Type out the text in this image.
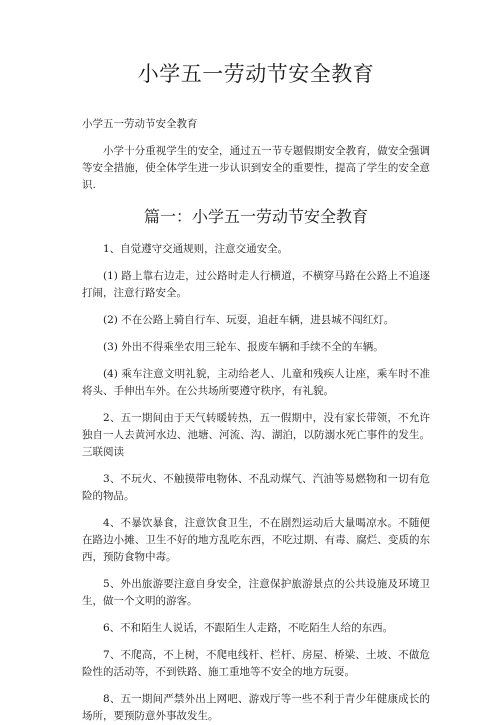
小学五一劳动节安全教育
小学五一劳动节安全教育

小学十分重视学生的安全，通过五一节专题假期安全教育，做安全强调等安全措施，使全体学生进一步认识到安全的重要性，提高了学生的安全意识.

篇一：小学五一劳动节安全教育

1、自觉遵守交通规则，注意交通安全。

(1) 路上靠右边走，过公路时走人行横道，不横穿马路在公路上不追逐打闹，注意行路安全。

(2) 不在公路上骑自行车、玩耍，追赶车辆，进县城不闯红灯。

(3) 外出不得乘坐农用三轮车、报废车辆和手续不全的车辆。

(4) 乘车注意文明礼貌，主动给老人、儿童和残疾人让座，乘车时不准将头、手伸出车外。在公共场所要遵守秩序，有礼貌。

2、五一期间由于天气转暖转热，五一假期中，没有家长带领，不允许独自一人去黄河水边、池塘、河流、沟、湖泊，以防溺水死亡事件的发生。三联阅读

3、不玩火、不触摸带电物体、不乱动煤气、汽油等易燃物和一切有危险的物品。

4、不暴饮暴食，注意饮食卫生，不在剧烈运动后大量喝凉水。不随便在路边小摊、卫生不好的地方乱吃东西，不吃过期、有毒、腐烂、变质的东西，预防食物中毒。

5、外出旅游要注意自身安全，注意保护旅游景点的公共设施及环境卫生，做一个文明的游客。

6、不和陌生人说话，不跟陌生人走路，不吃陌生人给的东西。

7、不爬高，不上树，不爬电线杆、栏杆、房屋、桥梁、土坡、不做危险性的活动等，不到铁路、施工重地等不安全的地方玩耍。

8、五一期间严禁外出上网吧、游戏厅等一些不利于青少年健康成长的场所，要预防意外事故发生。
